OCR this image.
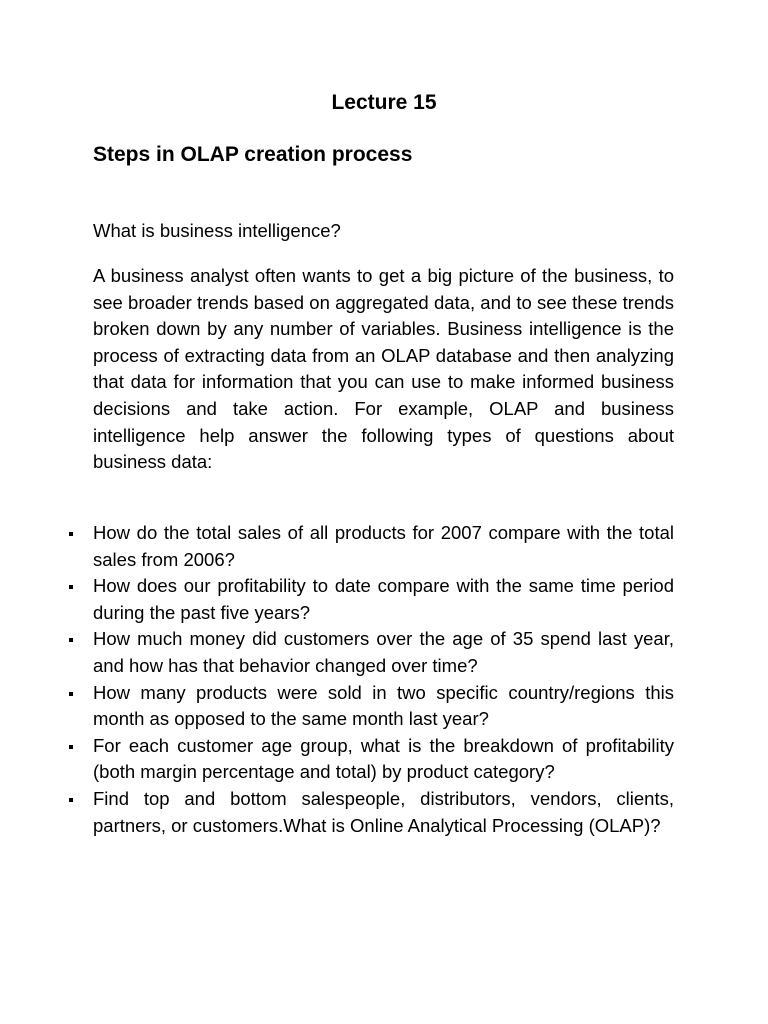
Lecture 15
Steps in OLAP creation process
What is business intelligence?

A business analyst often wants to get a big picture of the business, to see broader trends based on aggregated data, and to see these trends broken down by any number of variables. Business intelligence is the process of extracting data from an OLAP database and then analyzing that data for information that you can use to make informed business decisions and take action. For example, OLAP and business intelligence help answer the following types of questions about business data:

How do the total sales of all products for 2007 compare with the total sales from 2006?
How does our profitability to date compare with the same time period during the past five years?
How much money did customers over the age of 35 spend last year, and how has that behavior changed over time?
How many products were sold in two specific country/regions this month as opposed to the same month last year?
For each customer age group, what is the breakdown of profitability (both margin percentage and total) by product category?
Find top and bottom salespeople, distributors, vendors, clients, partners, or customers.What is Online Analytical Processing (OLAP)?
